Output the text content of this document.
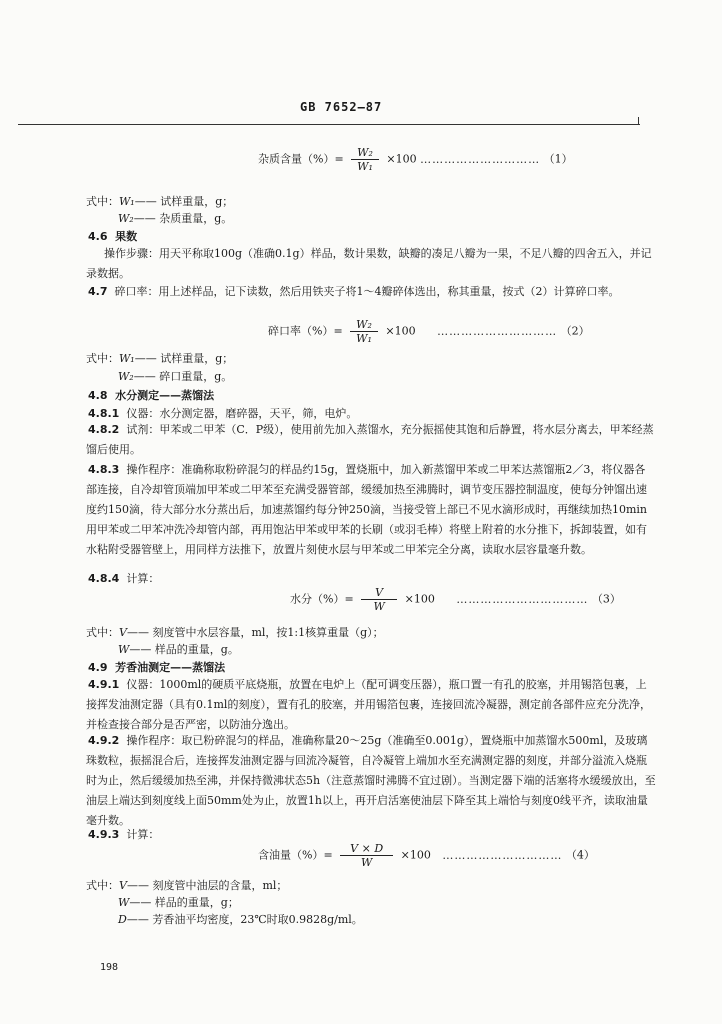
GB 7652—87
杂质含量（%）= $\frac{\text{W₂}}{\text{W₁}} \times 100$ ………………………… （1）
式中：W₁—— 试样重量，g；
W₂—— 杂质重量，g。
4.6 果数
操作步骤：用天平称取100g（准确0.1g）样品，数计果数，缺瓣的凑足八瓣为一果，不足八瓣的四舍五入，并记录数据。
4.7 碎口率：用上述样品，记下读数，然后用铁夹子将1～4瓣碎体选出，称其重量，按式（2）计算碎口率。
碎口率（%）= $\frac{\text{W₂}}{\text{W₁}} \times 100$ ………………………… （2）
式中：W₁—— 试样重量，g；
W₂—— 碎口重量，g。
4.8 水分测定——蒸馏法
4.8.1 仪器：水分测定器，磨碎器，天平，筛，电炉。
4.8.2 试剂：甲苯或二甲苯（C．P级），使用前先加入蒸馏水，充分振摇使其饱和后静置，将水层分离去，甲苯经蒸馏后使用。
4.8.3 操作程序：准确称取粉碎混匀的样品约15g，置烧瓶中，加入新蒸馏甲苯或二甲苯达蒸馏瓶2／3，将仪器各部连接，自冷却管顶端加甲苯或二甲苯至充满受器管部，缓缓加热至沸腾时，调节变压器控制温度，使每分钟馏出速度约150滴，待大部分水分蒸出后，加速蒸馏约每分钟250滴，当接受管上部已不见水滴形成时，再继续加热10min用甲苯或二甲苯冲洗冷却管内部，再用饱沾甲苯或甲苯的长刷（或羽毛棒）将壁上附着的水分推下，拆卸装置，如有水粘附受器管壁上，用同样方法推下，放置片刻使水层与甲苯或二甲苯完全分离，读取水层容量毫升数。
4.8.4 计算：
水分（%）= $\frac{V}{W} \times 100$ …………………………… （3）
式中：V—— 刻度管中水层容量，ml，按1:1核算重量（g）；
W—— 样品的重量，g。
4.9 芳香油测定——蒸馏法
4.9.1 仪器：1000ml的硬质平底烧瓶，放置在电炉上（配可调变压器），瓶口置一有孔的胶塞，并用锡箔包裹，上接挥发油测定器（具有0.1ml的刻度），置有孔的胶塞，并用锡箔包裹，连接回流冷凝器，测定前各部件应充分洗净，并检查接合部分是否严密，以防油分逸出。
4.9.2 操作程序：取已粉碎混匀的样品，准确称量20～25g（准确至0.001g），置烧瓶中加蒸馏水500ml，及玻璃珠数粒，振摇混合后，连接挥发油测定器与回流冷凝管，自冷凝管上端加水至充满测定器的刻度，并部分溢流入烧瓶时为止，然后缓缓加热至沸，并保持微沸状态5h（注意蒸馏时沸腾不宜过剧）。当测定器下端的活塞将水缓缓放出，至油层上端达到刻度线上面50mm处为止，放置1h以上，再开启活塞使油层下降至其上端恰与刻度0线平齐，读取油量毫升数。
4.9.3 计算：
含油量（%）= $\frac{V \times D}{W} \times 100$ ………………………… （4）
式中：V—— 刻度管中油层的含量，ml；
W—— 样品的重量，g；
D—— 芳香油平均密度，23℃时取0.9828g/ml。
198
